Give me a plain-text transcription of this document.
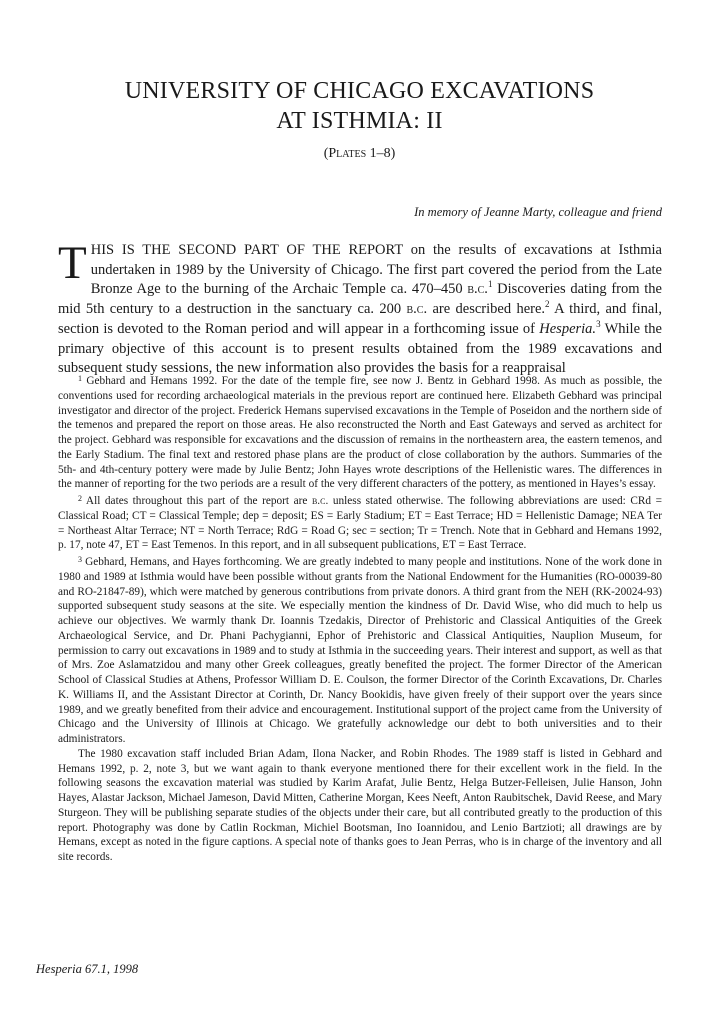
UNIVERSITY OF CHICAGO EXCAVATIONS
AT ISTHMIA: II
(Plates 1–8)
In memory of Jeanne Marty, colleague and friend

THIS IS THE SECOND PART OF THE REPORT on the results of excavations at Isthmia undertaken in 1989 by the University of Chicago. The first part covered the period from the Late Bronze Age to the burning of the Archaic Temple ca. 470–450 b.c.$^1$ Discoveries dating from the mid 5th century to a destruction in the sanctuary ca. 200 b.c. are described here.$^2$ A third, and final, section is devoted to the Roman period and will appear in a forthcoming issue of Hesperia.$^3$ While the primary objective of this account is to present results obtained from the 1989 excavations and subsequent study sessions, the new information also provides the basis for a reappraisal

$^1$ Gebhard and Hemans 1992. For the date of the temple fire, see now J. Bentz in Gebhard 1998. As much as possible, the conventions used for recording archaeological materials in the previous report are continued here. Elizabeth Gebhard was principal investigator and director of the project. Frederick Hemans supervised excavations in the Temple of Poseidon and the northern side of the temenos and prepared the report on those areas. He also reconstructed the North and East Gateways and served as architect for the project. Gebhard was responsible for excavations and the discussion of remains in the northeastern area, the eastern temenos, and the Early Stadium. The final text and restored phase plans are the product of close collaboration by the authors. Summaries of the 5th- and 4th-century pottery were made by Julie Bentz; John Hayes wrote descriptions of the Hellenistic wares. The differences in the manner of reporting for the two periods are a result of the very different characters of the pottery, as mentioned in Hayes’s essay.

$^2$ All dates throughout this part of the report are b.c. unless stated otherwise. The following abbreviations are used: CRd = Classical Road; CT = Classical Temple; dep = deposit; ES = Early Stadium; ET = East Terrace; HD = Hellenistic Damage; NEA Ter = Northeast Altar Terrace; NT = North Terrace; RdG = Road G; sec = section; Tr = Trench. Note that in Gebhard and Hemans 1992, p. 17, note 47, ET = East Temenos. In this report, and in all subsequent publications, ET = East Terrace.

$^3$ Gebhard, Hemans, and Hayes forthcoming. We are greatly indebted to many people and institutions. None of the work done in 1980 and 1989 at Isthmia would have been possible without grants from the National Endowment for the Humanities (RO-00039-80 and RO-21847-89), which were matched by generous contributions from private donors. A third grant from the NEH (RK-20024-93) supported subsequent study seasons at the site. We especially mention the kindness of Dr. David Wise, who did much to help us achieve our objectives. We warmly thank Dr. Ioannis Tzedakis, Director of Prehistoric and Classical Antiquities of the Greek Archaeological Service, and Dr. Phani Pachygianni, Ephor of Prehistoric and Classical Antiquities, Nauplion Museum, for permission to carry out excavations in 1989 and to study at Isthmia in the succeeding years. Their interest and support, as well as that of Mrs. Zoe Aslamatzidou and many other Greek colleagues, greatly benefited the project. The former Director of the American School of Classical Studies at Athens, Professor William D. E. Coulson, the former Director of the Corinth Excavations, Dr. Charles K. Williams II, and the Assistant Director at Corinth, Dr. Nancy Bookidis, have given freely of their support over the years since 1989, and we greatly benefited from their advice and encouragement. Institutional support of the project came from the University of Chicago and the University of Illinois at Chicago. We gratefully acknowledge our debt to both universities and to their administrators.

The 1980 excavation staff included Brian Adam, Ilona Nacker, and Robin Rhodes. The 1989 staff is listed in Gebhard and Hemans 1992, p. 2, note 3, but we want again to thank everyone mentioned there for their excellent work in the field. In the following seasons the excavation material was studied by Karim Arafat, Julie Bentz, Helga Butzer-Felleisen, Julie Hanson, John Hayes, Alastar Jackson, Michael Jameson, David Mitten, Catherine Morgan, Kees Neeft, Anton Raubitschek, David Reese, and Mary Sturgeon. They will be publishing separate studies of the objects under their care, but all contributed greatly to the production of this report. Photography was done by Catlin Rockman, Michiel Bootsman, Ino Ioannidou, and Lenio Bartzioti; all drawings are by Hemans, except as noted in the figure captions. A special note of thanks goes to Jean Perras, who is in charge of the inventory and all site records.

Hesperia 67.1, 1998
